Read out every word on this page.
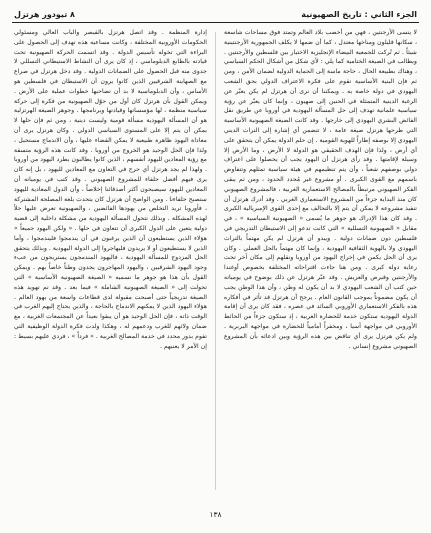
الجزء الثاني : تاريخ الصهيونية
٨ تيودور هرتزل

لا ينسى الأرجنتين ، فهي من أخصب بلاد العالم وتمتد فوق مساحات شاسعة ، سكانها قليلون ومناخها معتدل ، كما أن ضمها لا يكلف الجمهورية الأرجنتينية شيئاً . ثم تُركت للجمعية البيضاء الإنجليزية الاختيار بين فلسطين والأرجنتين . ويطالب في الصيغة الختامية كما يلي : لأي شكل من أشكال الحكم السياسي ، وهناك بطبيعة الحال ، حاجة ماسة إلى الحماية الدولية لضمان الأمن ، ومن ثم فإن البنية الأساسية تقوم على فكرة الاعتراف الدولي بحق الشعب اليهودي في دولة خاصة به . ويمكننا أن نرى أن هرتزل لم يكن يعبّر عن الرغبة الدينية المتمثلة في الحنين إلى صهيون ، وإنما كان يعبّر عن رؤية سياسية علمانية تهدف إلى حل المسألة اليهودية في أوروبا عن طريق نقل الفائض البشري اليهودي إلى خارجها . وقد كانت الصيغة الصهيونية الأساسية التي طرحها هرتزل صيغة عامة ، لا تتضمن أي إشارة إلى التراث الديني اليهودي إلا بوصفه إطاراً للهوية القومية . إن حلم الدولة يمكن أن يتحقق على أي أرض ، ولذا فإن الهدف الحقيقي هو الدولة لا الأرض ، وما الأرض إلا وسيلة لإقامتها . وقد رأى هرتزل أن اليهود يجب أن يحصلوا على اعتراف دولي بوصفهم شعباً ، وأن يتم تنظيمهم في هيئة سياسية تمثلهم وتتفاوض باسمهم مع القوى الكبرى . أو مشروع غير مُحدد الحدود ، ومن ثم يبقى الفكر الصهيوني مرتبطاً بالمصالح الاستعمارية الغربية ، فالمشروع الصهيوني كان منذ البداية جزءاً من المشروع الاستعماري الغربي . وقد أدرك هرتزل أن تنفيذ مشروعه لا يمكن أن يتم إلا بالتحالف مع إحدى القوى الإمبريالية الكبرى . وقد كان هذا الإدراك هو جوهر ما يُسمى « الصهيونية السياسية » ، في مقابل « الصهيونية التسللية » التي كانت تدعو إلى الاستيطان التدريجي في فلسطين دون ضمانات دولية . ويبدو أن هرتزل لم يكن مهتماً بالتراث اليهودي ولا بالهوية الثقافية اليهودية ، وإنما كان مهتماً بالحل العملي . وكان يرى أن الحل يكمن في إخراج اليهود من أوروبا ونقلهم إلى مكان آخر تحت رعاية دولة كبرى . ومن هنا جاءت اقتراحاته المختلفة بخصوص أوغندا والأرجنتين وقبرص والعريش . وقد عبّر هرتزل عن ذلك بوضوح في يومياته حين كتب أن الشعب اليهودي لا بد أن يكون له وطن ، وأن هذا الوطن يجب أن يكون مضموناً بموجب القانون العام . يرجح أن هرتزل قد تأثر في أفكاره هذه بالفكر الاستعماري الأوروبي السائد في عصره ، فقد كان يرى أن إقامة الدولة اليهودية ستكون خدمة للحضارة الغربية ، إذ ستكون جزءاً من الحائط الأوروبي في مواجهة آسيا ، ومخفراً أمامياً للحضارة في مواجهة البربرية . ولم يكن هرتزل يرى أي تناقض بين هذه الرؤية وبين ادعائه بأن المشروع الصهيوني مشروع إنساني .

إدارة المنظمة . وقد اتصل هرتزل بالقيصر والباب العالي ومسئولي الحكومات الأوروبية المختلفة ، وكانت مساعيه هذه تهدف إلى الحصول على البراءة التي تخوله تأسيس الدولة . وقد اتسمت الحركة الصهيونية تحت قيادته بالطابع الدبلوماسي ، إذ كان يرى أن النشاط الاستيطاني التسللي لا جدوى منه قبل الحصول على الضمانات الدولية . وقد دخل هرتزل في صراع مع الصهاينة الشرقيين الذين كانوا يرون أن الاستيطان في فلسطين هو الأساس ، وأن الدبلوماسية لا بد أن تصاحبها خطوات عملية على الأرض . ويمكن القول بأن هرتزل كان أول من حوّل الصهيونية من فكرة إلى حركة سياسية منظمة ، لها مؤسساتها وقيادتها وبرنامجها . وجوهر الصيغة الهرتزلية هو أن المسألة اليهودية مسألة قومية وليست دينية ، ومن ثم فإن حلها لا يمكن أن يتم إلا على المستوى السياسي الدولي . وكان هرتزل يرى أن معاداة اليهود ظاهرة طبيعية لا يمكن القضاء عليها ، وأن الاندماج مستحيل ، ولذا فإن الحل الوحيد هو الخروج من أوروبا . وقد كانت هذه الرؤية متسقة مع رؤية المعادين لليهود أنفسهم ، الذين كانوا يطالبون بطرد اليهود من أوروبا . ولهذا لم يجد هرتزل أي حرج في التعاون مع المعادين لليهود ، بل إنه كان يرى فيهم أفضل حلفاء للمشروع الصهيوني . وقد كتب في يومياته أن المعادين لليهود سيصبحون أكثر أصدقائنا إخلاصاً ، وأن الدول المعادية لليهود ستصبح حلفاءنا . ومن الواضح أن هرتزل كان يتحدث بلغة المصلحة المشتركة ، فأوروبا تريد التخلص من يهودها الفائضين ، والصهيونية تعرض عليها حلاً لهذه المشكلة . وبذلك تتحول المسألة اليهودية من مشكلة داخلية إلى قضية دولية يتعين على الدول الكبرى أن تتعاون في حلها . « ولكن اليهود جميعاً » هؤلاء الذين يستطيعون أن الذين يرغبون في أن يندمجوا فليندمجوا ، وأما الذين لا يستطيعون أو لا يريدون فليهاجروا إلى الدولة اليهودية . وبذلك يتحقق الحل المزدوج للمسألة اليهودية ، فاليهود المندمجون يستريحون من عبء وجود اليهود الشرقيين ، واليهود المهاجرون يجدون وطناً خاصاً بهم . ويمكن القول بأن هذا هو جوهر ما نسميه « الصيغة الصهيونية الأساسية » التي تحولت إلى « الصيغة الصهيونية الشاملة » فيما بعد . وقد تم تهويد هذه الصيغة تدريجياً حتى أصبحت مقبولة لدى قطاعات واسعة من يهود العالم . هؤلاء اليهود الذين لا يمكنهم الاندماج بالحاجة ، والذين يحتاج إليهم الغرب في الوقت ذاته ، فإن الحل الوحيد هو أن يبقوا بعيداً عن المجتمعات الغربية ، مع ضمان ولائهم للغرب ودعمهم له ، وهكذا ولدت فكرة الدولة الوظيفية التي تقوم بدور محدد في خدمة المصالح الغربية . « فرداً » ، فردي عليهم بسيط : إن الأمر لا يعنيهم .

١٣٨
